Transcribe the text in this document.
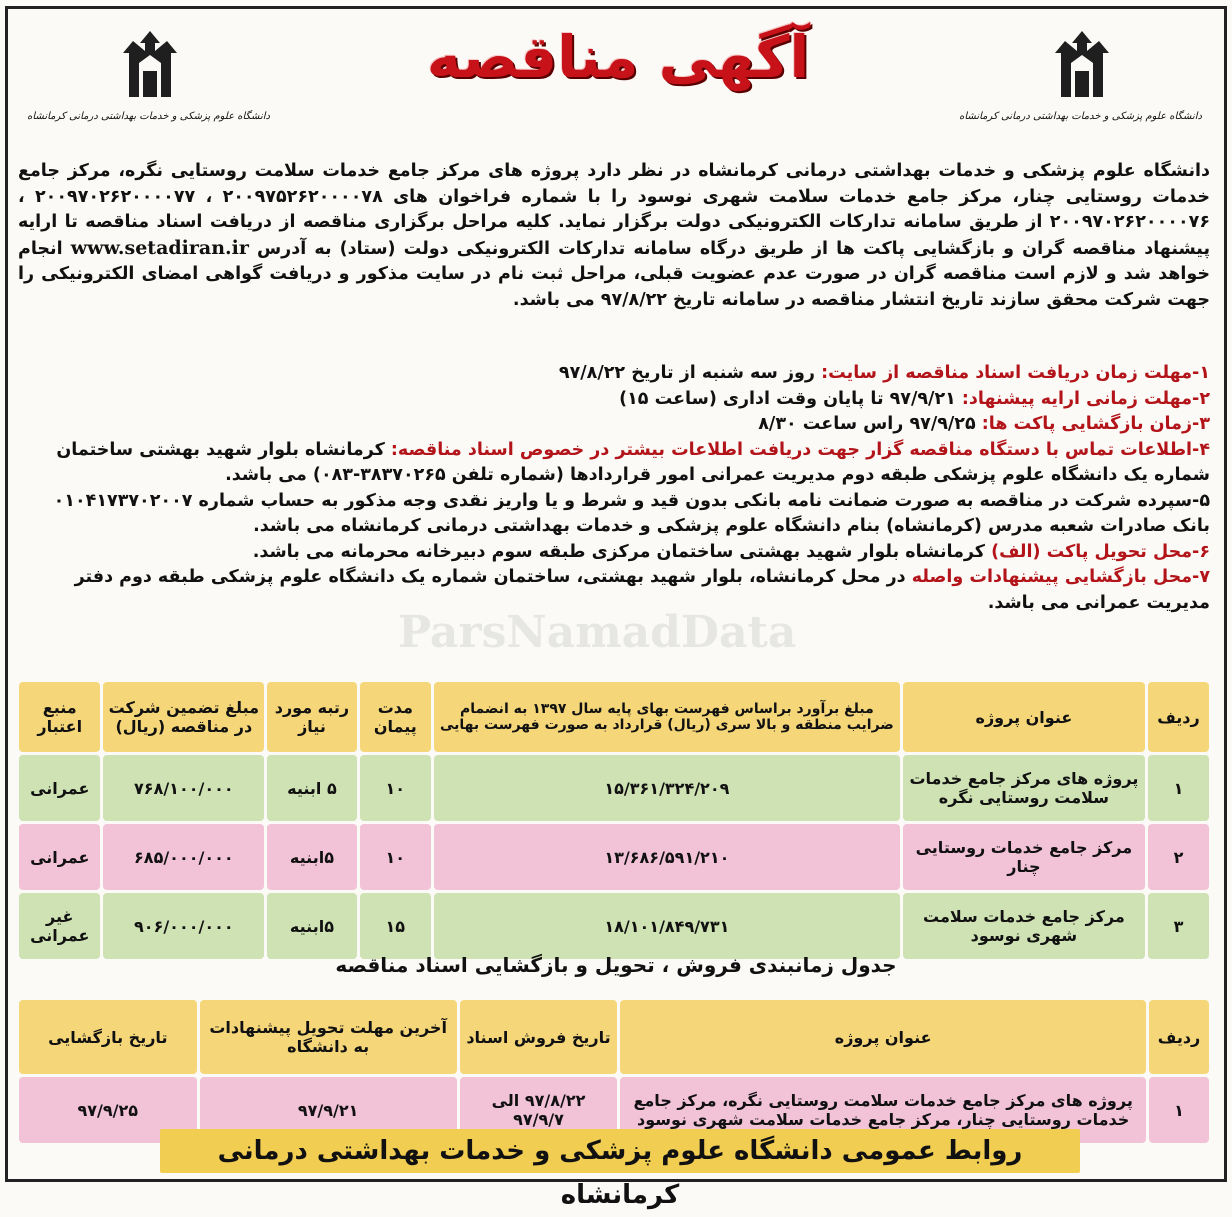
دانشگاه علوم پزشکی و خدمات بهداشتی درمانی کرمانشاه
دانشگاه علوم پزشکی و خدمات بهداشتی درمانی کرمانشاه
آگهی مناقصه
دانشگاه علوم پزشکی و خدمات بهداشتی درمانی کرمانشاه در نظر دارد پروژه های مرکز جامع خدمات سلامت روستایی نگره، مرکز جامع خدمات روستایی چنار، مرکز جامع خدمات سلامت شهری نوسود را با شماره فراخوان های ۲۰۰۹۷۵۲۶۲۰۰۰۰۷۸ ، ۲۰۰۹۷۰۲۶۲۰۰۰۰۷۷ ، ۲۰۰۹۷۰۲۶۲۰۰۰۰۷۶ از طریق سامانه تدارکات الکترونیکی دولت برگزار نماید. کلیه مراحل برگزاری مناقصه از دریافت اسناد مناقصه تا ارایه پیشنهاد مناقصه گران و بازگشایی پاکت ها از طریق درگاه سامانه تدارکات الکترونیکی دولت (ستاد) به آدرس www.setadiran.ir انجام خواهد شد و لازم است مناقصه گران در صورت عدم عضویت قبلی، مراحل ثبت نام در سایت مذکور و دریافت گواهی امضای الکترونیکی را جهت شرکت محقق سازند تاریخ انتشار مناقصه در سامانه تاریخ ۹۷/۸/۲۲ می باشد.
ParsNamadData
۱-مهلت زمان دریافت اسناد مناقصه از سایت: روز سه شنبه از تاریخ ۹۷/۸/۲۲
۲-مهلت زمانی ارایه پیشنهاد: ۹۷/۹/۲۱ تا پایان وقت اداری (ساعت ۱۵)
۳-زمان بازگشایی پاکت ها: ۹۷/۹/۲۵ راس ساعت ۸/۳۰
۴-اطلاعات تماس با دستگاه مناقصه گزار جهت دریافت اطلاعات بیشتر در خصوص اسناد مناقصه: کرمانشاه بلوار شهید بهشتی ساختمان شماره یک دانشگاه علوم پزشکی طبقه دوم مدیریت عمرانی امور قراردادها (شماره تلفن ۳۸۳۷۰۲۶۵-۰۸۳) می باشد.
۵-سپرده شرکت در مناقصه به صورت ضمانت نامه بانکی بدون قید و شرط و یا واریز نقدی وجه مذکور به حساب شماره ۰۱۰۴۱۷۳۷۰۲۰۰۷ بانک صادرات شعبه مدرس (کرمانشاه) بنام دانشگاه علوم پزشکی و خدمات بهداشتی درمانی کرمانشاه می باشد.
۶-محل تحویل پاکت (الف) کرمانشاه بلوار شهید بهشتی ساختمان مرکزی طبقه سوم دبیرخانه محرمانه می باشد.
۷-محل بازگشایی پیشنهادات واصله در محل کرمانشاه، بلوار شهید بهشتی، ساختمان شماره یک دانشگاه علوم پزشکی طبقه دوم دفتر مدیریت عمرانی می باشد.
ردیف	عنوان پروژه	مبلغ برآورد براساس فهرست بهای پایه سال ۱۳۹۷ به انضمام ضرایب منطقه و بالا سری (ریال) قرارداد به صورت فهرست بهایی	مدت پیمان	رتبه مورد نیاز	مبلغ تضمین شرکت در مناقصه (ریال)	منبع اعتبار
۱	پروژه های مرکز جامع خدمات سلامت روستایی نگره	۱۵/۳۶۱/۳۲۴/۲۰۹	۱۰	۵ ابنیه	۷۶۸/۱۰۰/۰۰۰	عمرانی
۲	مرکز جامع خدمات روستایی چنار	۱۳/۶۸۶/۵۹۱/۲۱۰	۱۰	۵ابنیه	۶۸۵/۰۰۰/۰۰۰	عمرانی
۳	مرکز جامع خدمات سلامت شهری نوسود	۱۸/۱۰۱/۸۴۹/۷۳۱	۱۵	۵ابنیه	۹۰۶/۰۰۰/۰۰۰	غیر عمرانی
جدول زمانبندی فروش ، تحویل و بازگشایی اسناد مناقصه
ردیف	عنوان پروژه	تاریخ فروش اسناد	آخرین مهلت تحویل پیشنهادات به دانشگاه	تاریخ بازگشایی
۱	پروژه های مرکز جامع خدمات سلامت روستایی نگره، مرکز جامع خدمات روستایی چنار، مرکز جامع خدمات سلامت شهری نوسود	۹۷/۸/۲۲ الی ۹۷/۹/۷	۹۷/۹/۲۱	۹۷/۹/۲۵
روابط عمومی دانشگاه علوم پزشکی و خدمات بهداشتی درمانی کرمانشاه
